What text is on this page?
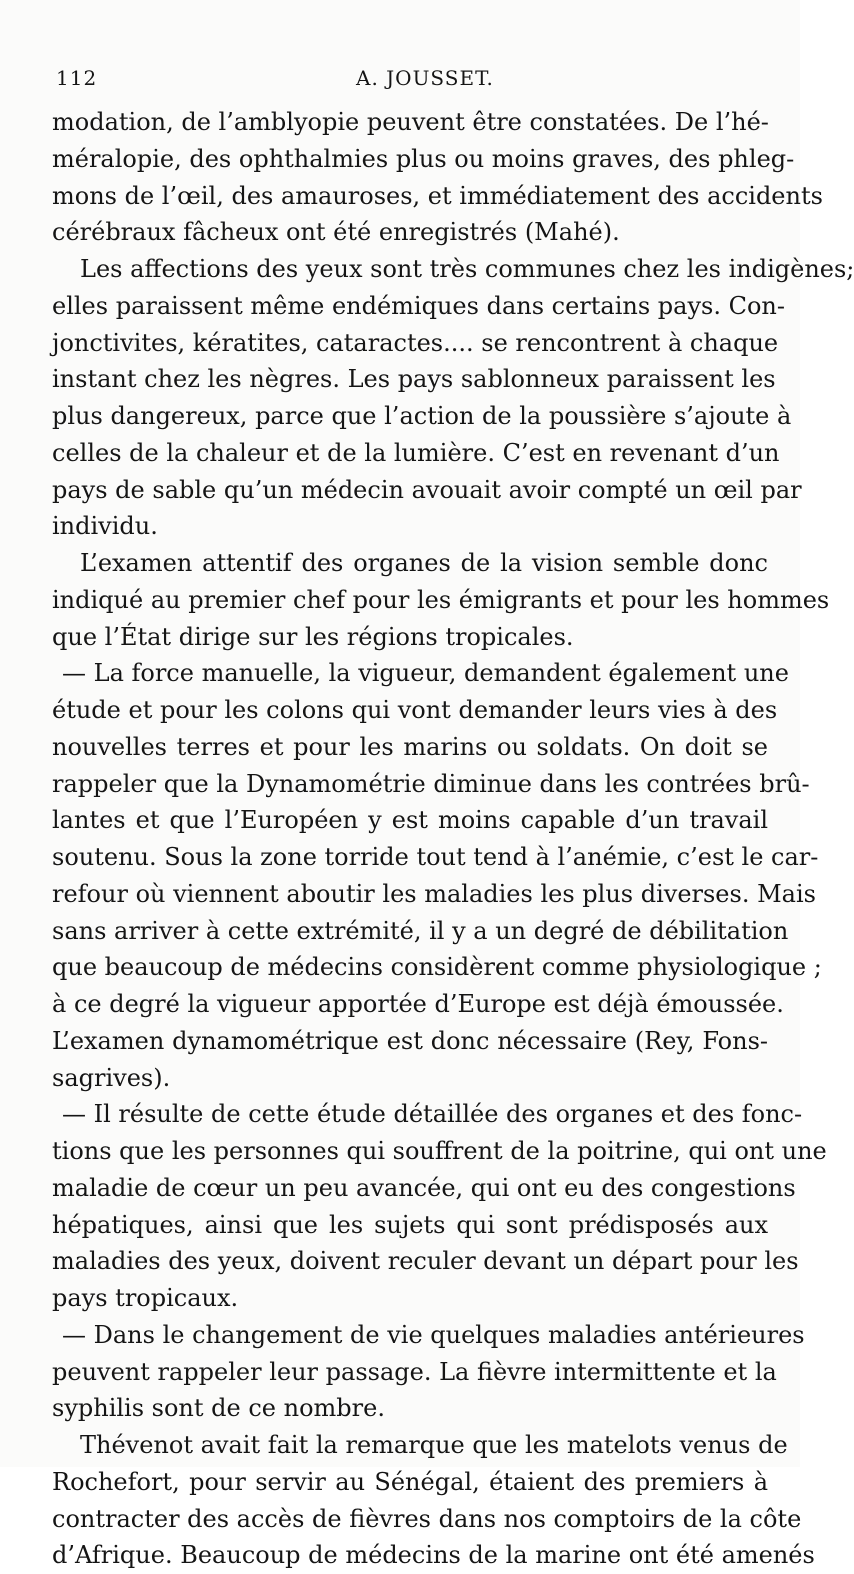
112	A. JOUSSET.
modation, de l’amblyopie peuvent être constatées. De l’hé-
méralopie, des ophthalmies plus ou moins graves, des phleg-
mons de l’œil, des amauroses, et immédiatement des accidents
cérébraux fâcheux ont été enregistrés (Mahé).
Les affections des yeux sont très communes chez les indigènes;
elles paraissent même endémiques dans certains pays. Con-
jonctivites, kératites, cataractes.... se rencontrent à chaque
instant chez les nègres. Les pays sablonneux paraissent les
plus dangereux, parce que l’action de la poussière s’ajoute à
celles de la chaleur et de la lumière. C’est en revenant d’un
pays de sable qu’un médecin avouait avoir compté un œil par
individu.
L’examen attentif des organes de la vision semble donc
indiqué au premier chef pour les émigrants et pour les hommes
que l’État dirige sur les régions tropicales.
— La force manuelle, la vigueur, demandent également une
étude et pour les colons qui vont demander leurs vies à des
nouvelles terres et pour les marins ou soldats. On doit se
rappeler que la Dynamométrie diminue dans les contrées brû-
lantes et que l’Européen y est moins capable d’un travail
soutenu. Sous la zone torride tout tend à l’anémie, c’est le car-
refour où viennent aboutir les maladies les plus diverses. Mais
sans arriver à cette extrémité, il y a un degré de débilitation
que beaucoup de médecins considèrent comme physiologique ;
à ce degré la vigueur apportée d’Europe est déjà émoussée.
L’examen dynamométrique est donc nécessaire (Rey, Fons-
sagrives).
— Il résulte de cette étude détaillée des organes et des fonc-
tions que les personnes qui souffrent de la poitrine, qui ont une
maladie de cœur un peu avancée, qui ont eu des congestions
hépatiques, ainsi que les sujets qui sont prédisposés aux
maladies des yeux, doivent reculer devant un départ pour les
pays tropicaux.
— Dans le changement de vie quelques maladies antérieures
peuvent rappeler leur passage. La fièvre intermittente et la
syphilis sont de ce nombre.
Thévenot avait fait la remarque que les matelots venus de
Rochefort, pour servir au Sénégal, étaient des premiers à
contracter des accès de fièvres dans nos comptoirs de la côte
d’Afrique. Beaucoup de médecins de la marine ont été amenés
